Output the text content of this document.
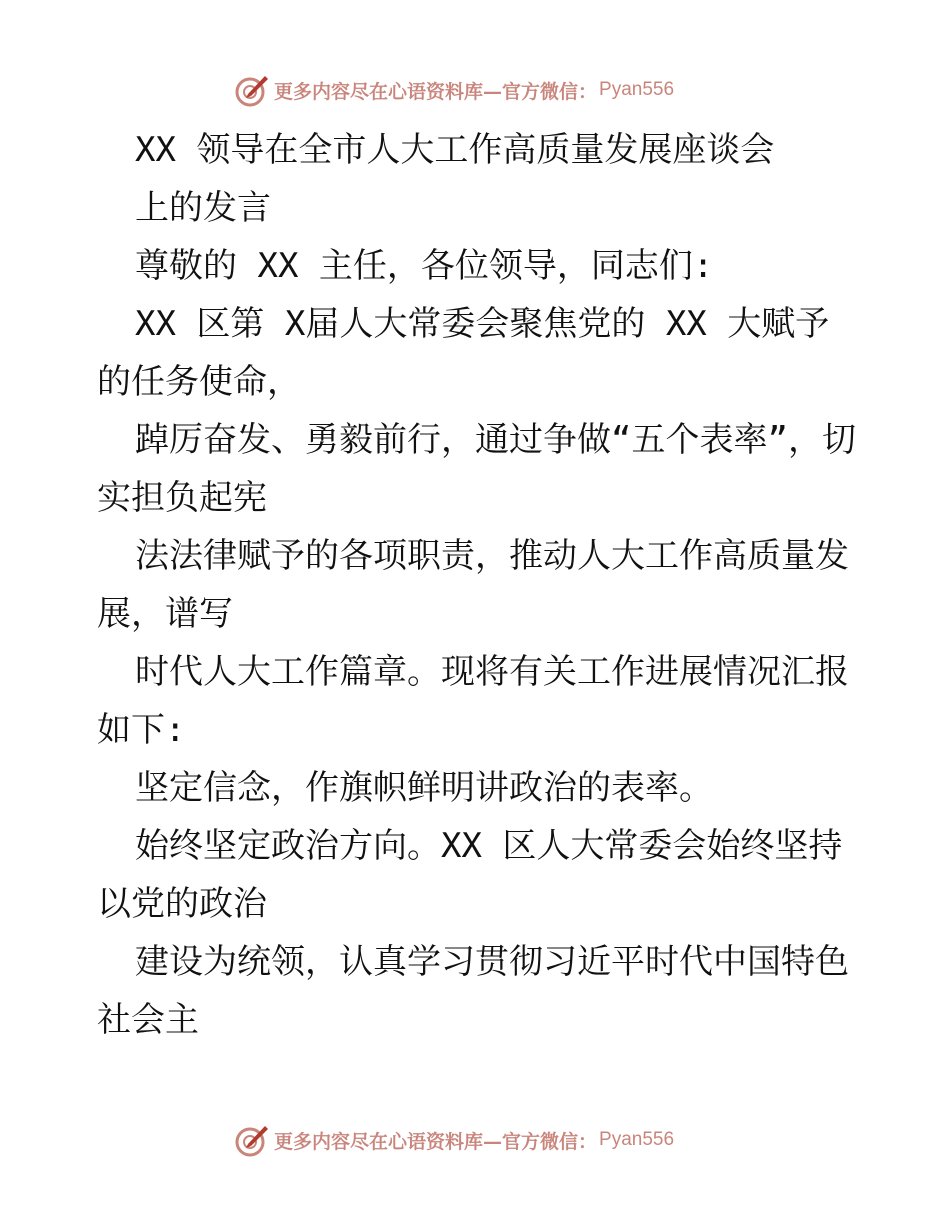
更多内容尽在心语资料库—官方微信： Pyan556

XX 领导在全市人大工作高质量发展座谈会

上的发言

尊敬的 XX 主任，各位领导，同志们:

XX 区第 X届人大常委会聚焦党的 XX 大赋予的任务使命，

踔厉奋发、勇毅前行，通过争做“五个表率”，切实担负起宪

法法律赋予的各项职责，推动人大工作高质量发展，谱写

时代人大工作篇章。现将有关工作进展情况汇报如下:

坚定信念，作旗帜鲜明讲政治的表率。

始终坚定政治方向。XX 区人大常委会始终坚持以党的政治

建设为统领，认真学习贯彻习近平时代中国特色社会主

更多内容尽在心语资料库—官方微信： Pyan556
